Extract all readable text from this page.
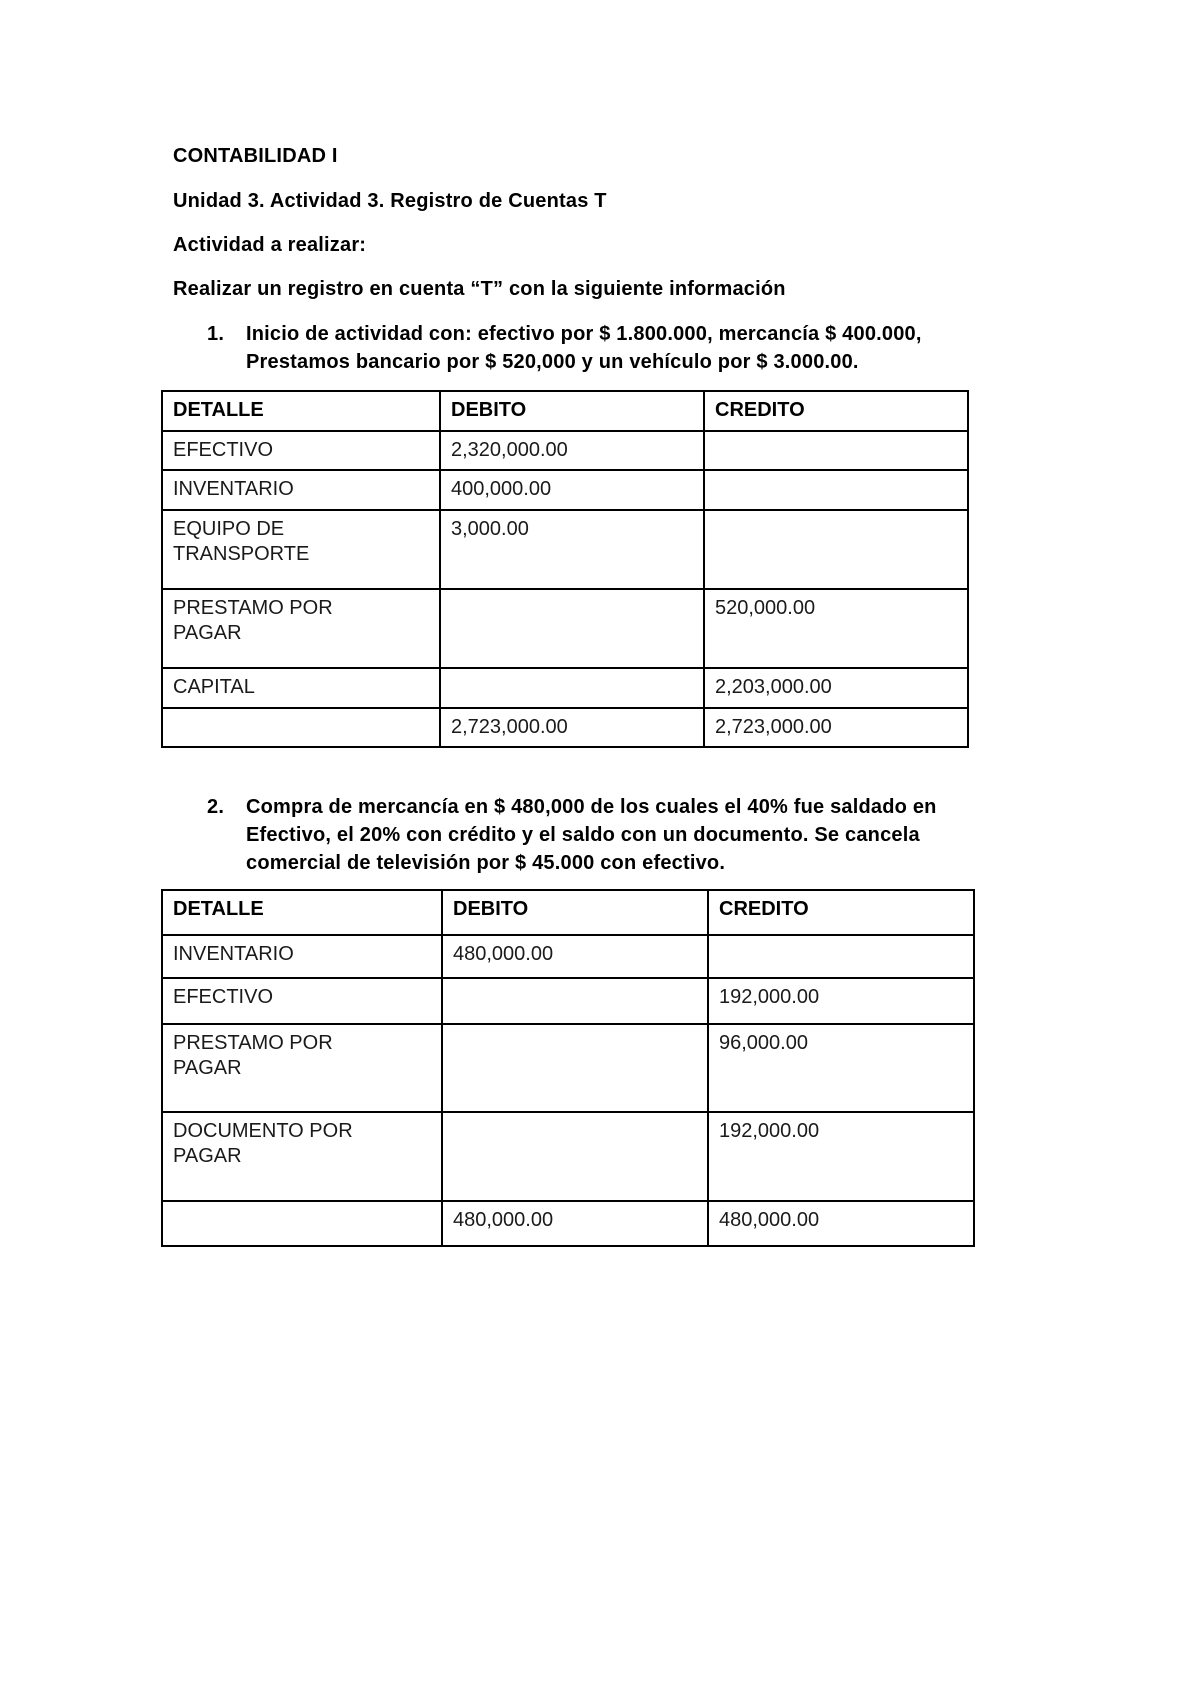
CONTABILIDAD I
Unidad 3. Actividad 3. Registro de Cuentas T
Actividad a realizar:
Realizar un registro en cuenta “T” con la siguiente información
1. Inicio de actividad con: efectivo por $ 1.800.000, mercancía $ 400.000,
Prestamos bancario por $ 520,000 y un vehículo por $ 3.000.00.
DETALLE	DEBITO	CREDITO
EFECTIVO	2,320,000.00	
INVENTARIO	400,000.00	
EQUIPO DE
TRANSPORTE	3,000.00	
PRESTAMO POR
PAGAR		520,000.00
CAPITAL		2,203,000.00
	2,723,000.00	2,723,000.00
2. Compra de mercancía en $ 480,000 de los cuales el 40% fue saldado en
Efectivo, el 20% con crédito y el saldo con un documento. Se cancela
comercial de televisión por $ 45.000 con efectivo.
DETALLE	DEBITO	CREDITO
INVENTARIO	480,000.00	
EFECTIVO		192,000.00
PRESTAMO POR
PAGAR		96,000.00
DOCUMENTO POR
PAGAR		192,000.00
	480,000.00	480,000.00
